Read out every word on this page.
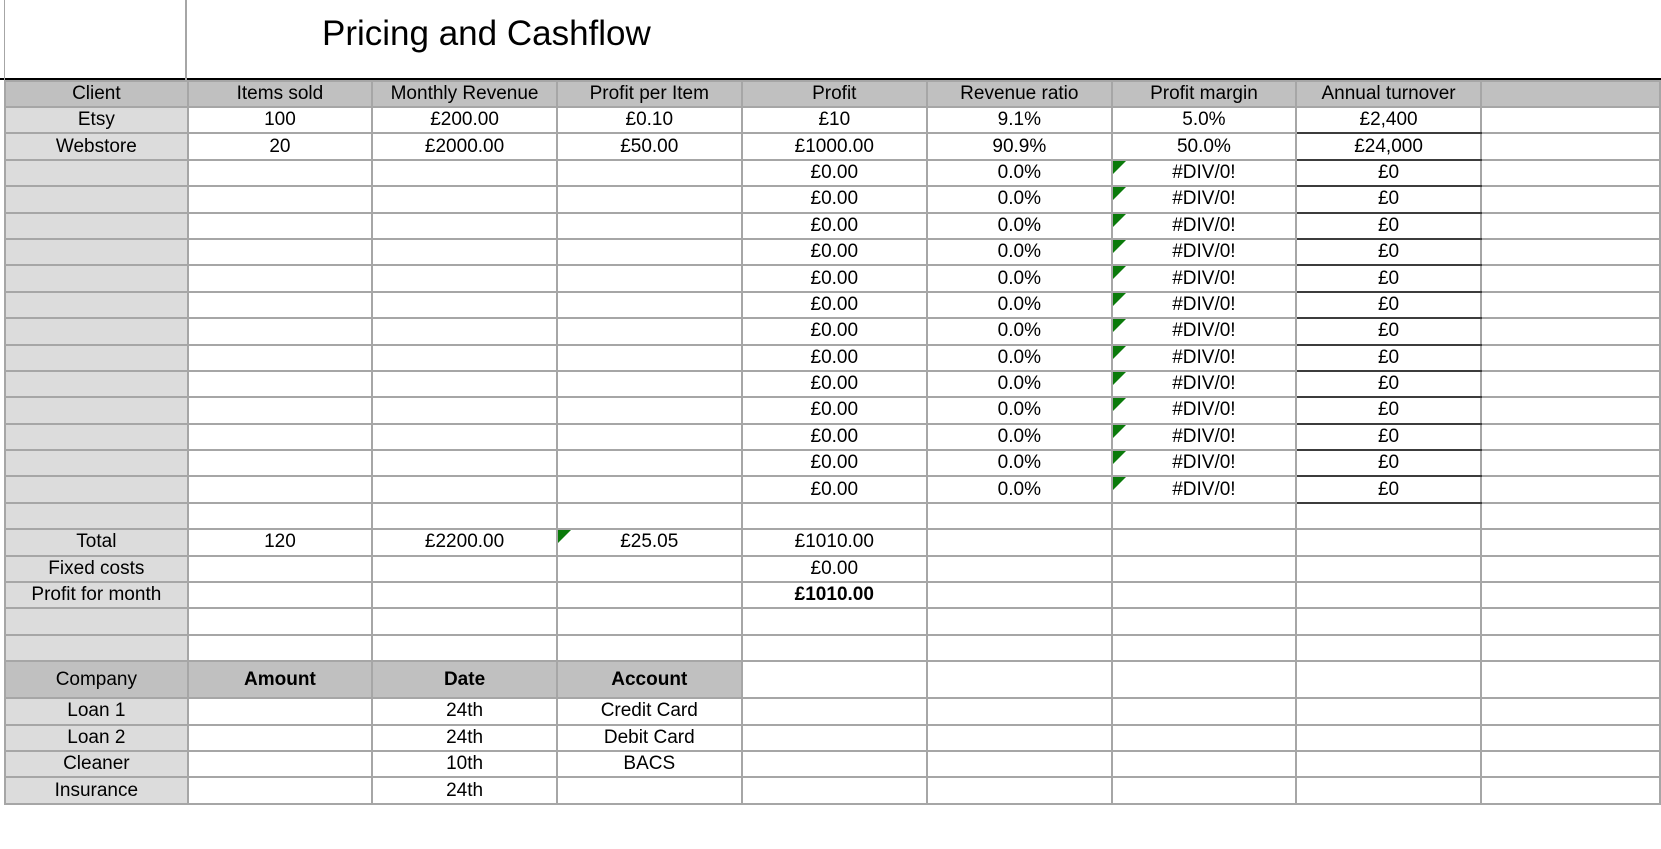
Pricing and Cashflow
Client	Items sold	Monthly Revenue	Profit per Item	Profit	Revenue ratio	Profit margin	Annual turnover	
Etsy	100	£200.00	£0.10	£10	9.1%	5.0%	£2,400	
Webstore	20	£2000.00	£50.00	£1000.00	90.9%	50.0%	£24,000	
				£0.00	0.0%	#DIV/0!	£0	
				£0.00	0.0%	#DIV/0!	£0	
				£0.00	0.0%	#DIV/0!	£0	
				£0.00	0.0%	#DIV/0!	£0	
				£0.00	0.0%	#DIV/0!	£0	
				£0.00	0.0%	#DIV/0!	£0	
				£0.00	0.0%	#DIV/0!	£0	
				£0.00	0.0%	#DIV/0!	£0	
				£0.00	0.0%	#DIV/0!	£0	
				£0.00	0.0%	#DIV/0!	£0	
				£0.00	0.0%	#DIV/0!	£0	
				£0.00	0.0%	#DIV/0!	£0	
				£0.00	0.0%	#DIV/0!	£0	

Total	120	£2200.00	£25.05	£1010.00				
Fixed costs				£0.00				
Profit for month				£1010.00				

Company	Amount	Date	Account					
Loan 1		24th	Credit Card					
Loan 2		24th	Debit Card					
Cleaner		10th	BACS					
Insurance		24th						
